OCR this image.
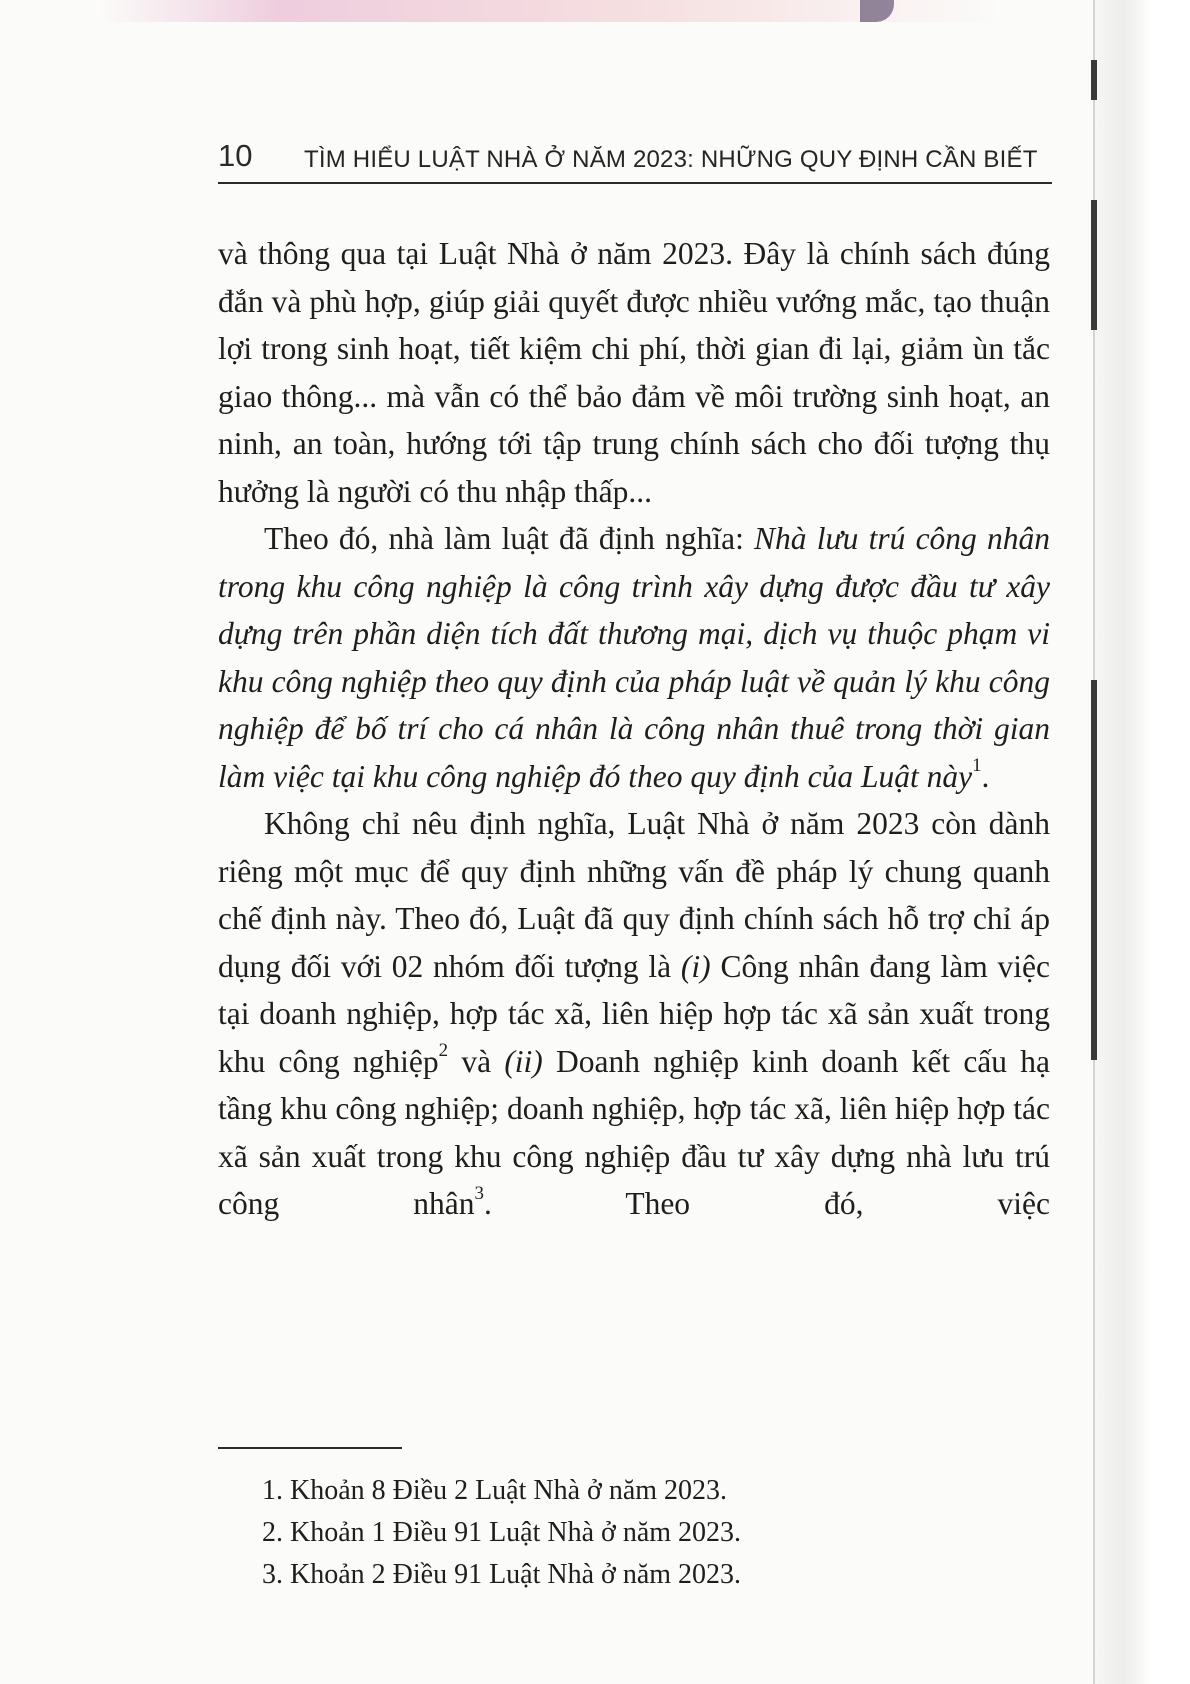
10 TÌM HIỂU LUẬT NHÀ Ở NĂM 2023: NHỮNG QUY ĐỊNH CẦN BIẾT

và thông qua tại Luật Nhà ở năm 2023. Đây là chính sách đúng đắn và phù hợp, giúp giải quyết được nhiều vướng mắc, tạo thuận lợi trong sinh hoạt, tiết kiệm chi phí, thời gian đi lại, giảm ùn tắc giao thông... mà vẫn có thể bảo đảm về môi trường sinh hoạt, an ninh, an toàn, hướng tới tập trung chính sách cho đối tượng thụ hưởng là người có thu nhập thấp...

Theo đó, nhà làm luật đã định nghĩa: Nhà lưu trú công nhân trong khu công nghiệp là công trình xây dựng được đầu tư xây dựng trên phần diện tích đất thương mại, dịch vụ thuộc phạm vi khu công nghiệp theo quy định của pháp luật về quản lý khu công nghiệp để bố trí cho cá nhân là công nhân thuê trong thời gian làm việc tại khu công nghiệp đó theo quy định của Luật này$^1$.

Không chỉ nêu định nghĩa, Luật Nhà ở năm 2023 còn dành riêng một mục để quy định những vấn đề pháp lý chung quanh chế định này. Theo đó, Luật đã quy định chính sách hỗ trợ chỉ áp dụng đối với 02 nhóm đối tượng là (i) Công nhân đang làm việc tại doanh nghiệp, hợp tác xã, liên hiệp hợp tác xã sản xuất trong khu công nghiệp$^2$ và (ii) Doanh nghiệp kinh doanh kết cấu hạ tầng khu công nghiệp; doanh nghiệp, hợp tác xã, liên hiệp hợp tác xã sản xuất trong khu công nghiệp đầu tư xây dựng nhà lưu trú công nhân$^3$. Theo đó, việc

1. Khoản 8 Điều 2 Luật Nhà ở năm 2023.

2. Khoản 1 Điều 91 Luật Nhà ở năm 2023.

3. Khoản 2 Điều 91 Luật Nhà ở năm 2023.
